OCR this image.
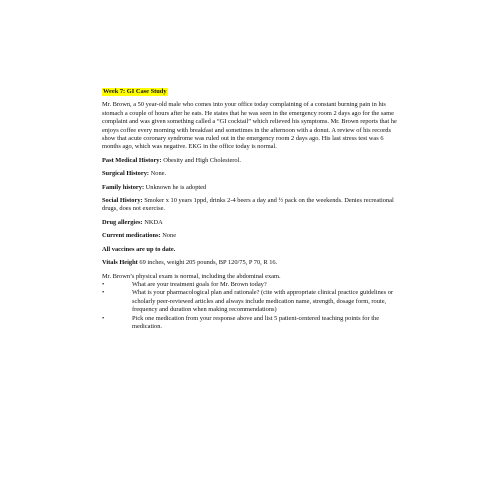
Week 7: GI Case Study

Mr. Brown, a 50 year-old male who comes into your office today complaining of a constant burning pain in his stomach a couple of hours after he eats. He states that he was seen in the emergency room 2 days ago for the same complaint and was given something called a “GI cocktail” which relieved his symptoms. Mr. Brown reports that he enjoys coffee every morning with breakfast and sometimes in the afternoon with a donut. A review of his records show that acute coronary syndrome was ruled out in the emergency room 2 days ago. His last stress test was 6 months ago, which was negative. EKG in the office today is normal.

Past Medical History: Obesity and High Cholesterol.

Surgical History: None.

Family history: Unknown he is adopted

Social History: Smoker x 10 years 1ppd, drinks 2-4 beers a day and ½ pack on the weekends. Denies recreational drugs, does not exercise.

Drug allergies: NKDA

Current medications: None

All vaccines are up to date.

Vitals Height 69 inches, weight 205 pounds, BP 120/75, P 70, R 16.

Mr. Brown’s physical exam is normal, including the abdominal exam.
•	What are your treatment goals for Mr. Brown today?
•	What is your pharmacological plan and rationale? (cite with appropriate clinical practice guidelines or scholarly peer-reviewed articles and always include medication name, strength, dosage form, route, frequency and duration when making recommendations)
•	Pick one medication from your response above and list 5 patient-centered teaching points for the medication.
